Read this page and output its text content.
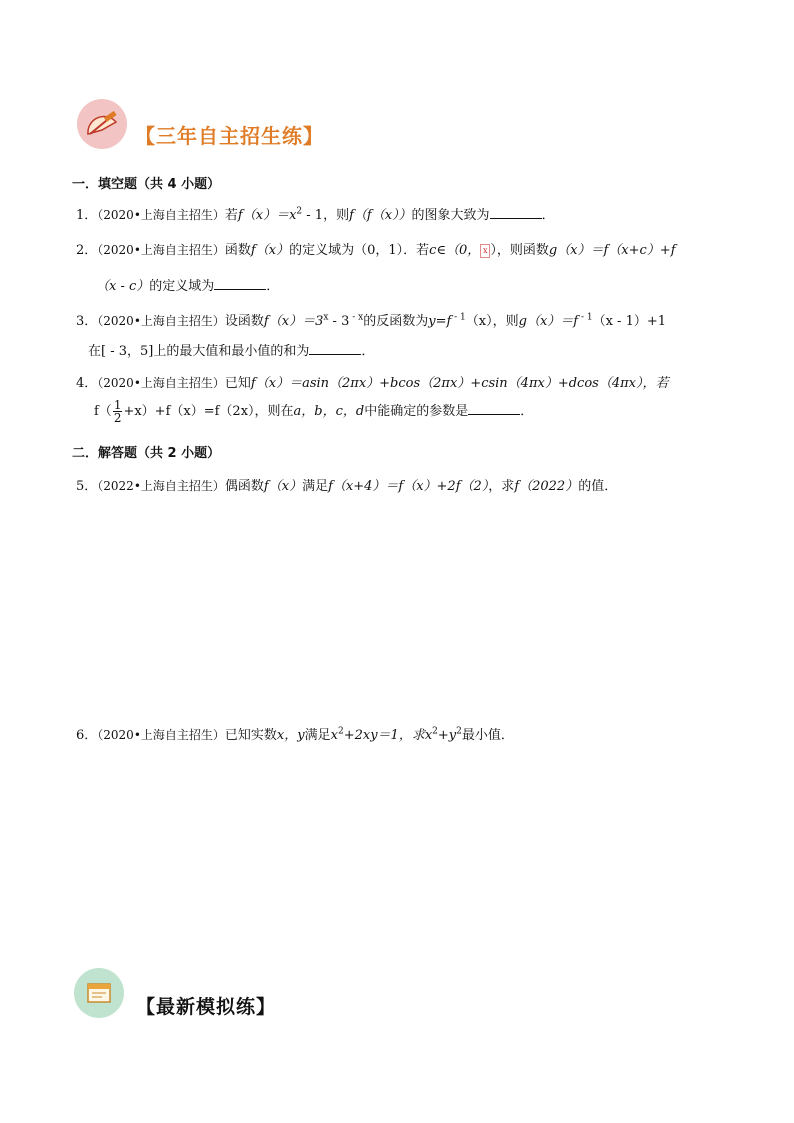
【三年自主招生练】
一．填空题（共 4 小题）
1．（2020•上海自主招生）若$f(x)=x^2 - 1$，则f（f（x））的图象大致为	．
2．（2020•上海自主招生）函数f（x）的定义域为（0，1）．若c∈（0， x ），则函数g（x）＝f（x+c）+f
（x - c）的定义域为	．
3．（2020•上海自主招生）设函数$f(x)=3^x - 3$ $^{- x}$的反函数为y=f $^{- 1}$（x），则g（x）＝f $^{- 1}$（x - 1）+1
在[ - 3，5]上的最大值和最小值的和为	．
4．（2020•上海自主招生）已知f（x）＝asin（2πx）+bcos（2πx）+csin（4πx）+dcos（4πx），若
$f( \frac{1}{2} +x)+f(x)=f(2x)$，则在a，b，c，d中能确定的参数是	．
二．解答题（共 2 小题）
5．（2022•上海自主招生）偶函数f（x）满足f（x+4）＝f（x）+2f（2），求f（2022）的值．
6．（2020•上海自主招生）已知实数x，y满足$x^2+2xy=1$，求$x^2+y^2$最小值．
【最新模拟练】
